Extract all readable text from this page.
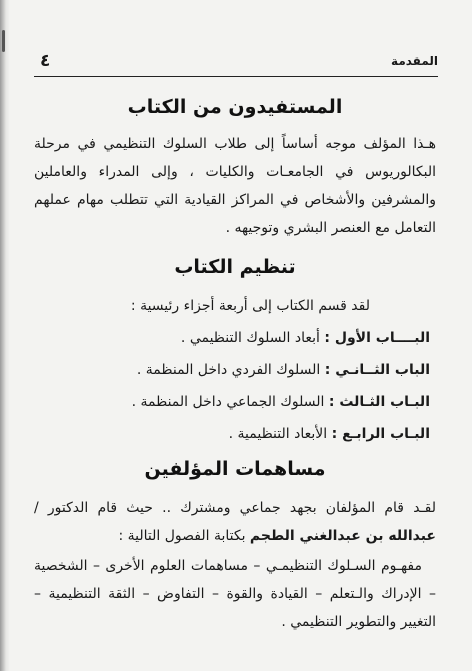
المقدمة
٤
المستفيدون من الكتاب

هـذا المؤلف موجه أساساً إلى طلاب السلوك التنظيمي في مرحلة البكالوريوس في الجامعـات والكليات ، وإلى المدراء والعاملين والمشرفين والأشخاص في المراكز القيادية التي تتطلب مهام عملهم التعامل مع العنصر البشري وتوجيهه .

تنظيم الكتاب

لقد قسم الكتاب إلى أربعة أجزاء رئيسية :

البــــاب الأول : أبعاد السلوك التنظيمي .

الباب الثــانـي : السلوك الفردي داخل المنظمة .

البـاب الثـالث : السلوك الجماعي داخل المنظمة .

البـاب الرابـع : الأبعاد التنظيمية .

مساهمات المؤلفين

لقـد قام المؤلفان بجهد جماعي ومشترك .. حيث قام الدكتور / عبدالله بن عبدالغني الطجم بكتابة الفصول التالية :

مفهـوم السـلوك التنظيمـي – مساهمات العلوم الأخرى – الشخصية – الإدراك والـتعلم – القيادة والقوة – التفاوض – الثقة التنظيمية – التغيير والتطوير التنظيمي .
